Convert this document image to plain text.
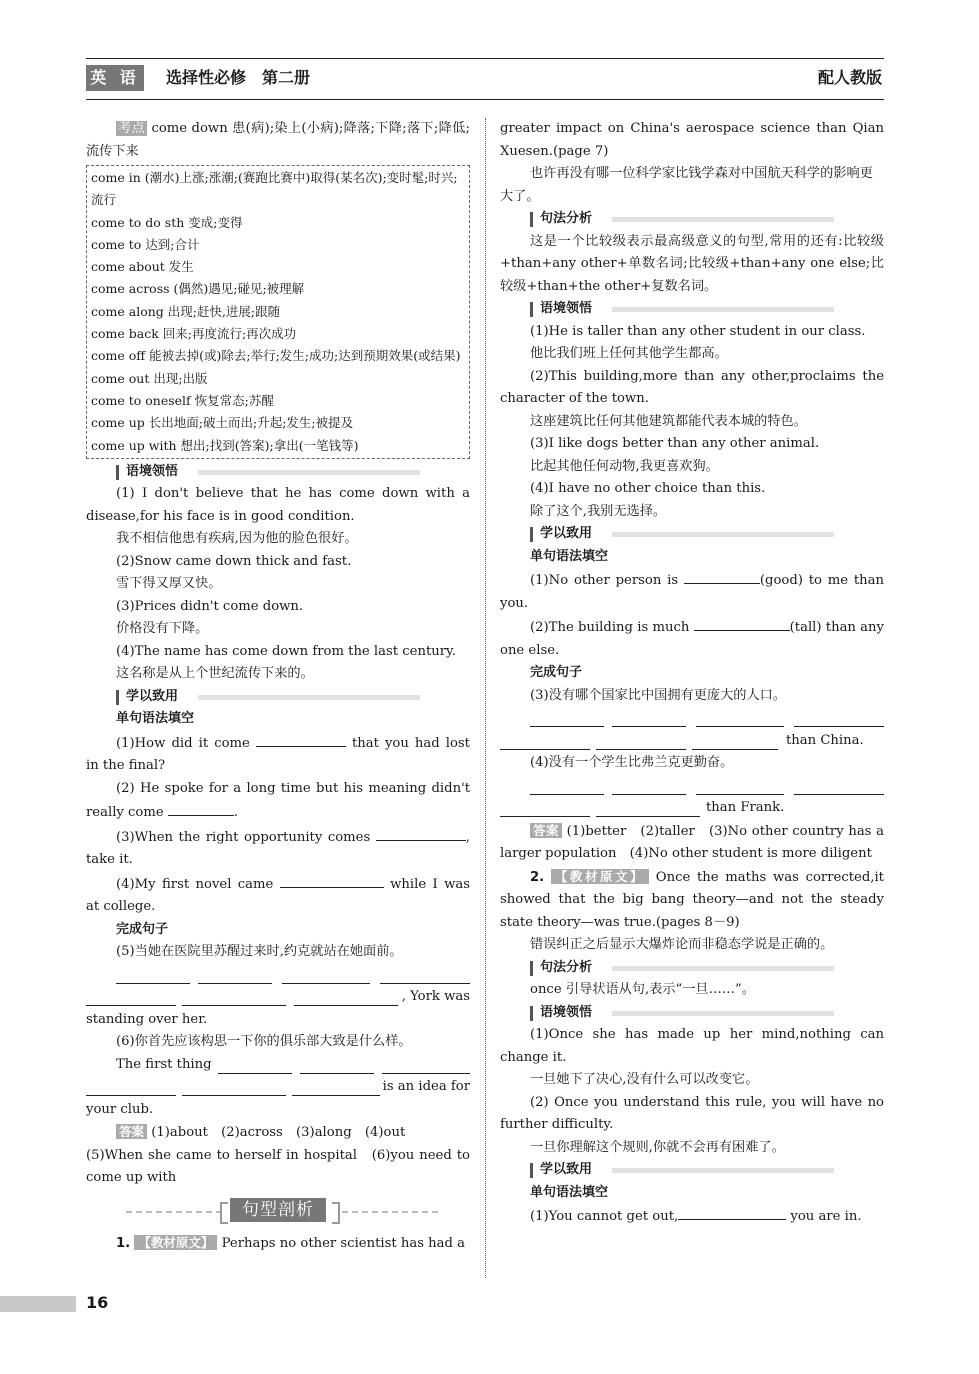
英 语 选择性必修　第二册	配人教版

考点 come down 患(病);染上(小病);降落;下降;落下;降低;流传下来

come in (潮水)上涨;涨潮;(赛跑比赛中)取得(某名次);变时髦;时兴;流行

come to do sth 变成;变得

come to 达到;合计

come about 发生

come across (偶然)遇见;碰见;被理解

come along 出现;赶快,进展;跟随

come back 回来;再度流行;再次成功

come off 能被去掉(或)除去;举行;发生;成功;达到预期效果(或结果)

come out 出现;出版

come to oneself 恢复常态;苏醒

come up 长出地面;破土而出;升起;发生;被提及

come up with 想出;找到(答案);拿出(一笔钱等)

语境领悟

(1) I don't believe that he has come down with a disease,for his face is in good condition.

我不相信他患有疾病,因为他的脸色很好。

(2)Snow came down thick and fast.

雪下得又厚又快。

(3)Prices didn't come down.

价格没有下降。

(4)The name has come down from the last century.

这名称是从上个世纪流传下来的。

学以致用

单句语法填空

(1)How did it come	that you had lost in the final?

(2) He spoke for a long time but his meaning didn't really come	.

(3)When the right opportunity comes	, take it.

(4)My first novel came	while I was at college.

完成句子

(5)当她在医院里苏醒过来时,约克就站在她面前。

, York was

standing over her.

(6)你首先应该构思一下你的俱乐部大致是什么样。

The first thing
is an idea for

your club.

答案 (1)about　(2)across　(3)along　(4)out

(5)When she came to herself in hospital　(6)you need to come up with

句型剖析

1. 【教材原文】 Perhaps no other scientist has had a

greater impact on China's aerospace science than Qian Xuesen.(page 7)

也许再没有哪一位科学家比钱学森对中国航天科学的影响更大了。

句法分析

这是一个比较级表示最高级意义的句型,常用的还有:比较级+than+any other+单数名词;比较级+than+any one else;比较级+than+the other+复数名词。

语境领悟

(1)He is taller than any other student in our class.

他比我们班上任何其他学生都高。

(2)This building,more than any other,proclaims the character of the town.

这座建筑比任何其他建筑都能代表本城的特色。

(3)I like dogs better than any other animal.

比起其他任何动物,我更喜欢狗。

(4)I have no other choice than this.

除了这个,我别无选择。

学以致用

单句语法填空

(1)No other person is	(good) to me than you.

(2)The building is much	(tall) than any one else.

完成句子

(3)没有哪个国家比中国拥有更庞大的人口。

than China.

(4)没有一个学生比弗兰克更勤奋。

than Frank.

答案 (1)better　(2)taller　(3)No other country has a larger population　(4)No other student is more diligent

2. 【教材原文】 Once the maths was corrected,it showed that the big bang theory—and not the steady state theory—was true.(pages 8－9)

错误纠正之后显示大爆炸论而非稳态学说是正确的。

句法分析

once 引导状语从句,表示“一旦……”。

语境领悟

(1)Once she has made up her mind,nothing can change it.

一旦她下了决心,没有什么可以改变它。

(2) Once you understand this rule, you will have no further difficulty.

一旦你理解这个规则,你就不会再有困难了。

学以致用

单句语法填空

(1)You cannot get out,	you are in.

16
